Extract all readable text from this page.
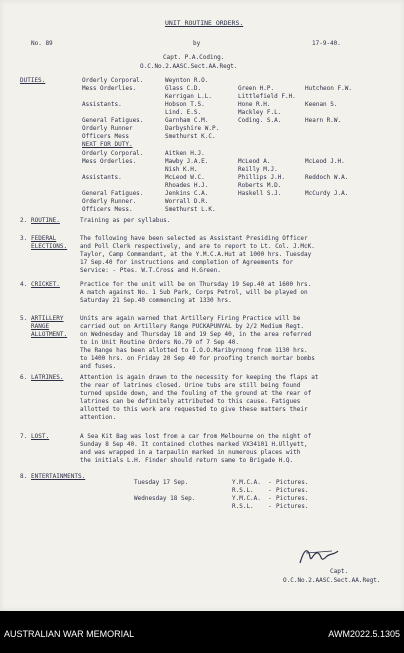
UNIT ROUTINE ORDERS.
No. 89	by	17-9-40.
Capt. P.A.Coding.
O.C.No.2.AASC.Sect.AA.Regt.
DUTIES.	Orderly Corporal.	Weynton R.O.
Mess Orderlies.	Glass C.D.	Green H.P.	Hutcheon F.W.
Kerrigan L.L.	Littlefield F.H.
Assistants.	Hobson T.S.	Hone R.H.	Keenan S.
Lind. E.S.	Mackley F.L.
General Fatigues.	Garnham C.M.	Coding. S.A.	Hearn R.W.
Orderly Runner	Darbyshire W.P.
Officers Mess	Smethurst K.C.
NEXT FOR DUTY.
Orderly Corporal.	Aitken H.J.
Mess Orderlies.	Mawby J.A.E.	McLeod A.	McLeod J.H.
Nish K.H.	Reilly M.J.
Assistants.	McLeod W.C.	Phillips J.H.	Reddoch W.A.
Rhoades H.J.	Roberts M.D.
General Fatigues.	Jenkins C.A.	Haskell S.J.	McCurdy J.A.
Orderly Runner.	Worrall D.R.
Officers Mess.	Smethurst L.K.
2. ROUTINE.	Training as per syllabus.
3. FEDERAL
ELECTIONS.
The following have been selected as Assistant Presiding Officer
and Poll Clerk respectively, and are to report to Lt. Col. J.McK.
Taylor, Camp Commandant, at the Y.M.C.A.Hut at 1000 hrs. Tuesday
17 Sep.40 for instructions and completion of Agreements for
Service: - Ptes. W.T.Cross and H.Green.
4. CRICKET.	Practice for the unit will be on Thursday 19 Sep.40 at 1600 hrs.
A match against No. 1 Sub Park, Corps Petrol, will be played on
Saturday 21 Sep.40 commencing at 1330 hrs.
5. ARTILLERY
RANGE
ALLOTMENT.
Units are again warned that Artillery Firing Practice will be
carried out on Artillery Range PUCKAPUNYAL by 2/2 Medium Regt.
on Wednesday and Thursday 18 and 19 Sep 40, in the area referred
to in Unit Routine Orders No.79 of 7 Sep 40.
The Range has been allotted to I.O.O.Maribyrnong from 1130 hrs.
to 1400 hrs. on Friday 20 Sep 40 for proofing trench mortar bombs
and fuses.
6. LATRINES.	Attention is again drawn to the necessity for keeping the flaps at
the rear of latrines closed. Urine tubs are still being found
turned upside down, and the fouling of the ground at the rear of
latrines can be definitely attributed to this cause. Fatigues
allotted to this work are requested to give these matters their
attention.
7. LOST.	A Sea Kit Bag was lost from a car from Melbourne on the night of
Sunday 8 Sep 40. It contained clothes marked VX34101 H.Ullyett,
and was wrapped in a tarpaulin marked in numerous places with
the initials L.H. Finder should return same to Brigade H.Q.
8. ENTERTAINMENTS.
Tuesday 17 Sep.	Y.M.C.A. - Pictures.
R.S.L. - Pictures.
Wednesday 18 Sep.	Y.M.C.A. - Pictures.
R.S.L. - Pictures.
Capt.
O.C.No.2.AASC.Sect.AA.Regt.
AUSTRALIAN WAR MEMORIAL	AWM2022.5.1305
